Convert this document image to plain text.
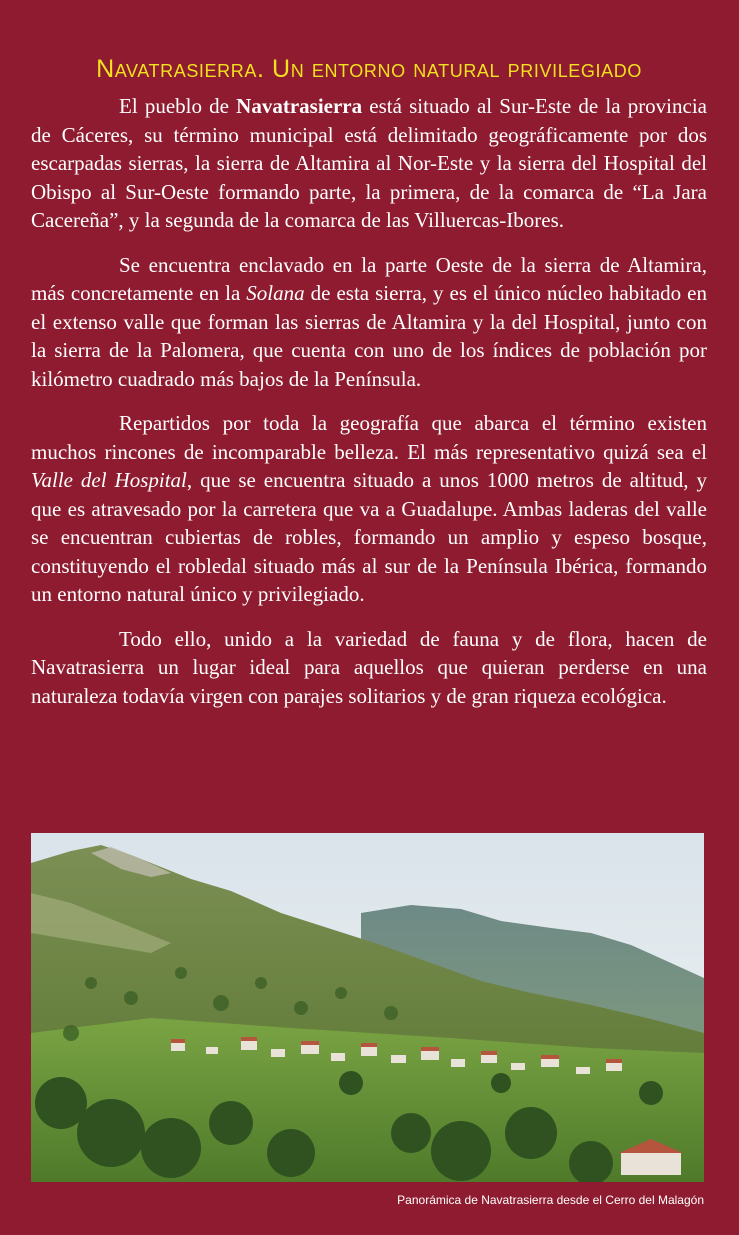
Navatrasierra. Un entorno natural privilegiado

El pueblo de Navatrasierra está situado al Sur-Este de la provincia de Cáceres, su término municipal está delimitado geográficamente por dos escarpadas sierras, la sierra de Altamira al Nor-Este y la sierra del Hospital del Obispo al Sur-Oeste formando parte, la primera, de la comarca de “La Jara Cacereña”, y la segunda de la comarca de las Villuercas-Ibores.

Se encuentra enclavado en la parte Oeste de la sierra de Altamira, más concretamente en la Solana de esta sierra, y es el único núcleo habitado en el extenso valle que forman las sierras de Altamira y la del Hospital, junto con la sierra de la Palomera, que cuenta con uno de los índices de población por kilómetro cuadrado más bajos de la Península.

Repartidos por toda la geografía que abarca el término existen muchos rincones de incomparable belleza. El más representativo quizá sea el Valle del Hospital, que se encuentra situado a unos 1000 metros de altitud, y que es atravesado por la carretera que va a Guadalupe. Ambas laderas del valle se encuentran cubiertas de robles, formando un amplio y espeso bosque, constituyendo el robledal situado más al sur de la Península Ibérica, formando un entorno natural único y privilegiado.

Todo ello, unido a la variedad de fauna y de flora, hacen de Navatrasierra un lugar ideal para aquellos que quieran perderse en una naturaleza todavía virgen con parajes solitarios y de gran riqueza ecológica.

Panorámica de Navatrasierra desde el Cerro del Malagón
